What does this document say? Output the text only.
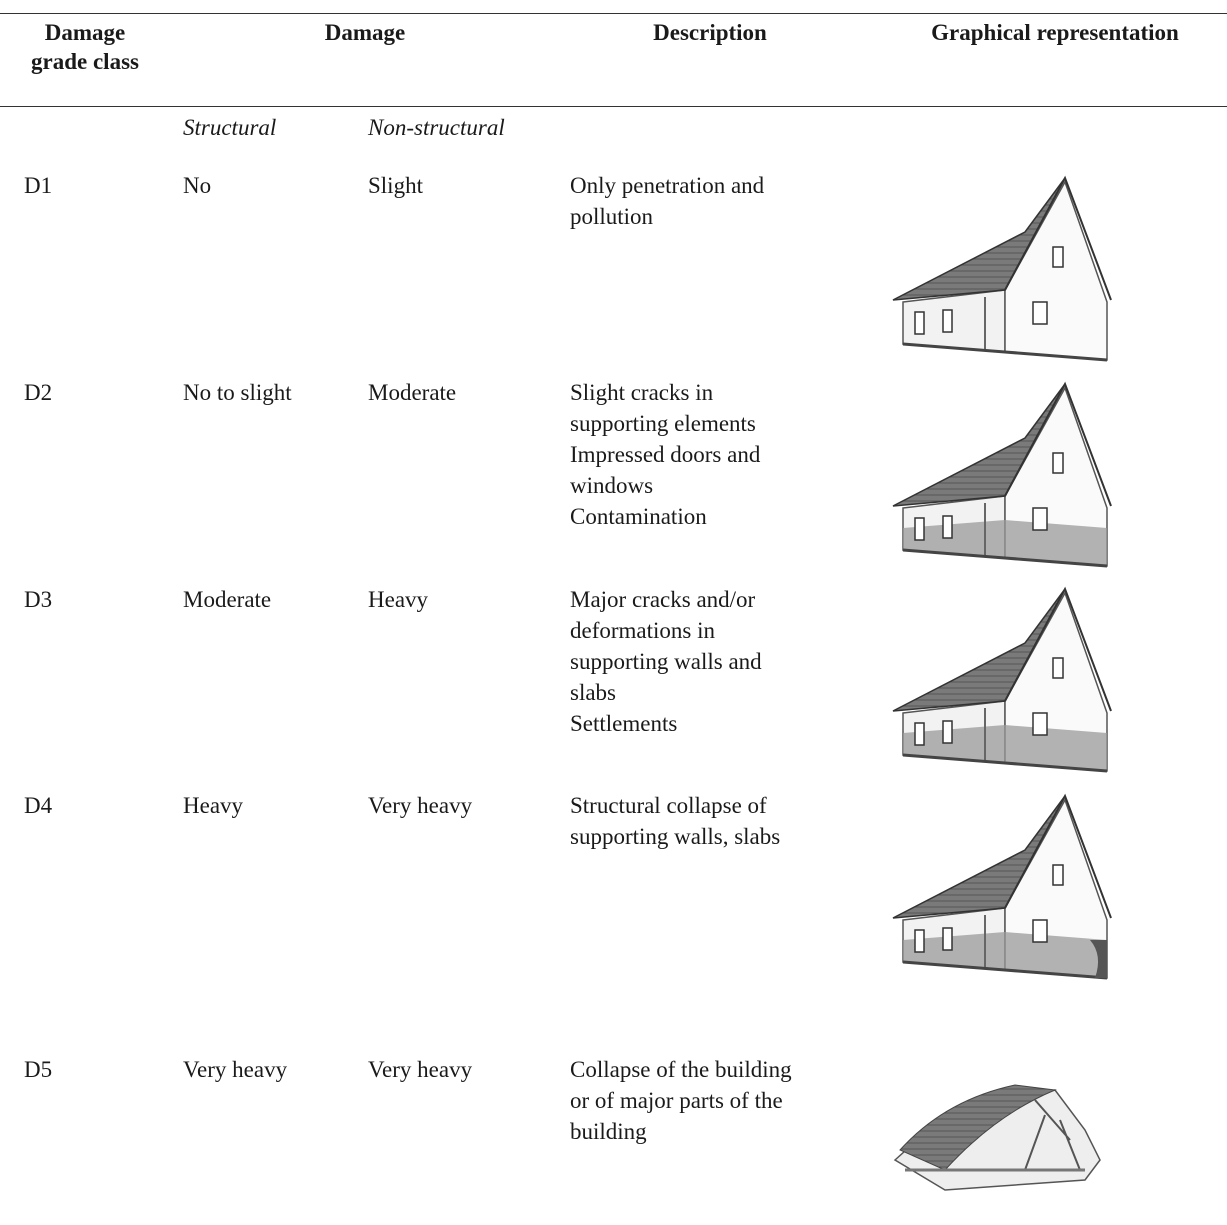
Damage
grade class
Damage	Description	Graphical representation
Structural	Non-structural
D1	No	Slight	Only penetration and
pollution
D2	No to slight	Moderate	Slight cracks in
supporting elements
Impressed doors and
windows
Contamination
D3	Moderate	Heavy	Major cracks and/or
deformations in
supporting walls and
slabs
Settlements
D4	Heavy	Very heavy	Structural collapse of
supporting walls, slabs
D5	Very heavy	Very heavy	Collapse of the building
or of major parts of the
building
